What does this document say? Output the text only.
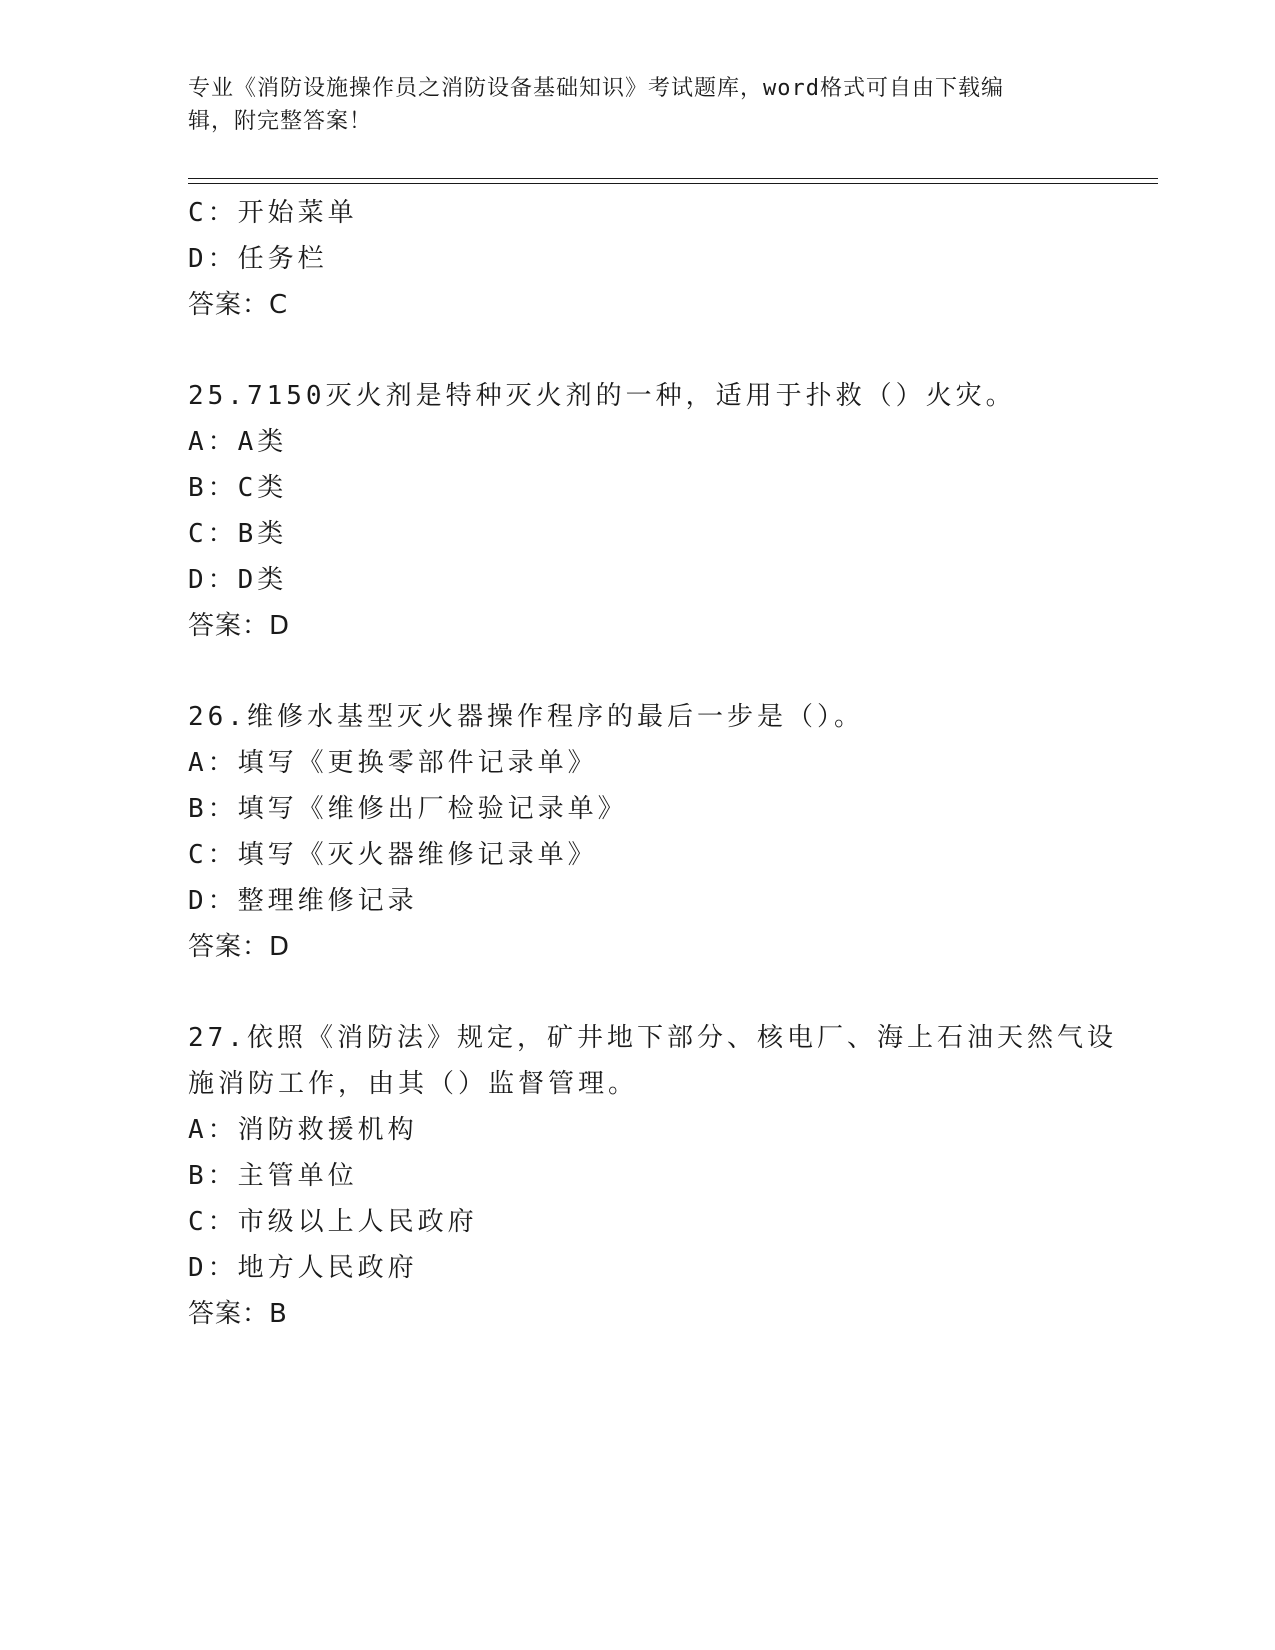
专业《消防设施操作员之消防设备基础知识》考试题库，word格式可自由下载编
辑，附完整答案！
C：开始菜单
D：任务栏
答案：C
25.7150灭火剂是特种灭火剂的一种，适用于扑救（）火灾。
A：A类
B：C类
C：B类
D：D类
答案：D
26.维修水基型灭火器操作程序的最后一步是（）。
A：填写《更换零部件记录单》
B：填写《维修出厂检验记录单》
C：填写《灭火器维修记录单》
D：整理维修记录
答案：D
27.依照《消防法》规定，矿井地下部分、核电厂、海上石油天然气设
施消防工作，由其（）监督管理。
A：消防救援机构
B：主管单位
C：市级以上人民政府
D：地方人民政府
答案：B
